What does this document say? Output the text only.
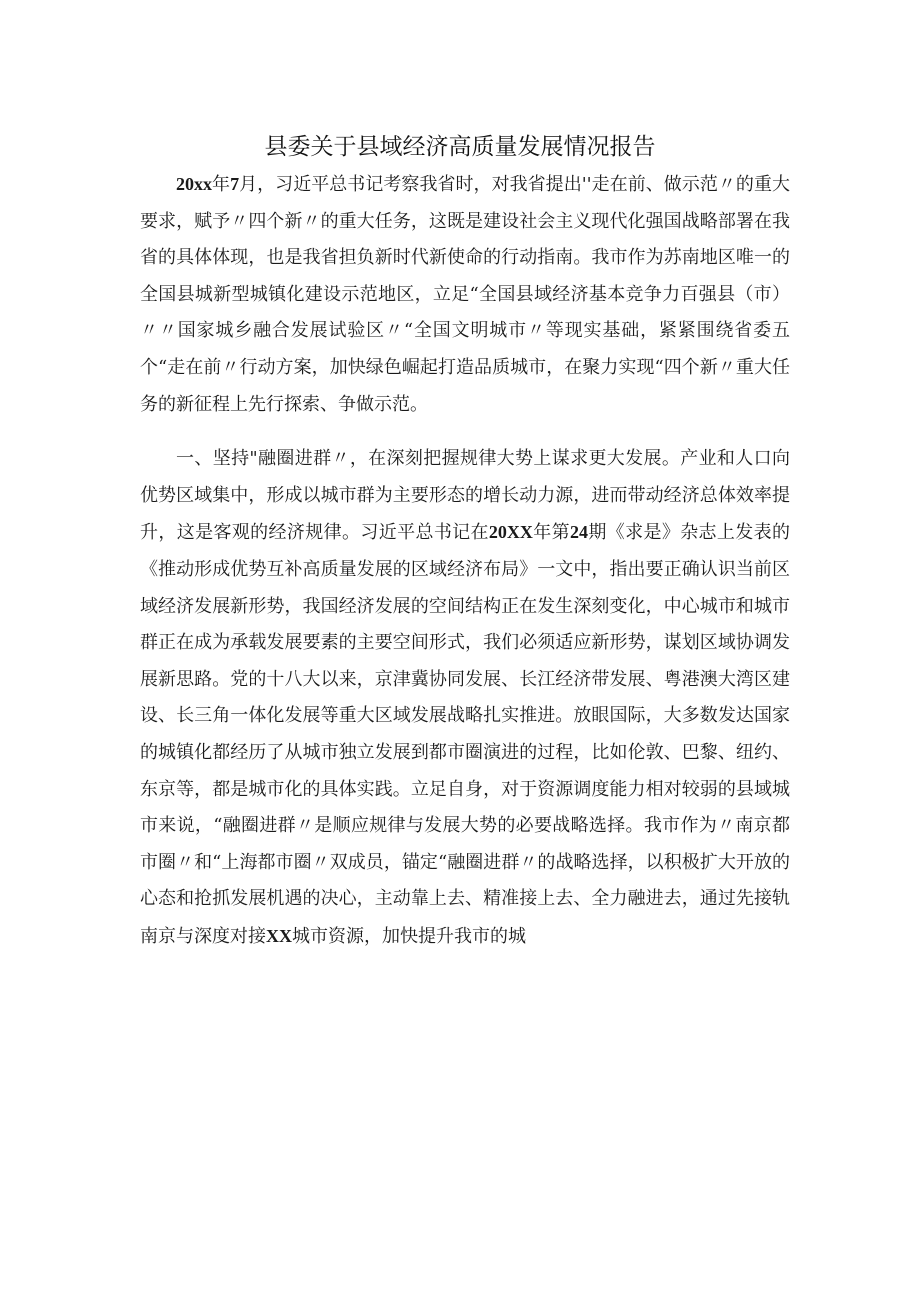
县委关于县域经济高质量发展情况报告

20xx年7月，习近平总书记考察我省时，对我省提出''走在前、做示范〃的重大要求，赋予〃四个新〃的重大任务，这既是建设社会主义现代化强国战略部署在我省的具体体现，也是我省担负新时代新使命的行动指南。我市作为苏南地区唯一的全国县城新型城镇化建设示范地区，立足“全国县域经济基本竞争力百强县（市）〃〃国家城乡融合发展试验区〃“全国文明城市〃等现实基础，紧紧围绕省委五个“走在前〃行动方案，加快绿色崛起打造品质城市，在聚力实现“四个新〃重大任务的新征程上先行探索、争做示范。

一、坚持"融圈进群〃，在深刻把握规律大势上谋求更大发展。产业和人口向优势区域集中，形成以城市群为主要形态的增长动力源，进而带动经济总体效率提升，这是客观的经济规律。习近平总书记在20XX年第24期《求是》杂志上发表的《推动形成优势互补高质量发展的区域经济布局》一文中，指出要正确认识当前区域经济发展新形势，我国经济发展的空间结构正在发生深刻变化，中心城市和城市群正在成为承载发展要素的主要空间形式，我们必须适应新形势，谋划区域协调发展新思路。党的十八大以来，京津冀协同发展、长江经济带发展、粤港澳大湾区建设、长三角一体化发展等重大区域发展战略扎实推进。放眼国际，大多数发达国家的城镇化都经历了从城市独立发展到都市圈演进的过程，比如伦敦、巴黎、纽约、东京等，都是城市化的具体实践。立足自身，对于资源调度能力相对较弱的县域城市来说，“融圈进群〃是顺应规律与发展大势的必要战略选择。我市作为〃南京都市圈〃和“上海都市圈〃双成员，锚定“融圈进群〃的战略选择，以积极扩大开放的心态和抢抓发展机遇的决心，主动靠上去、精准接上去、全力融进去，通过先接轨南京与深度对接XX城市资源，加快提升我市的城
